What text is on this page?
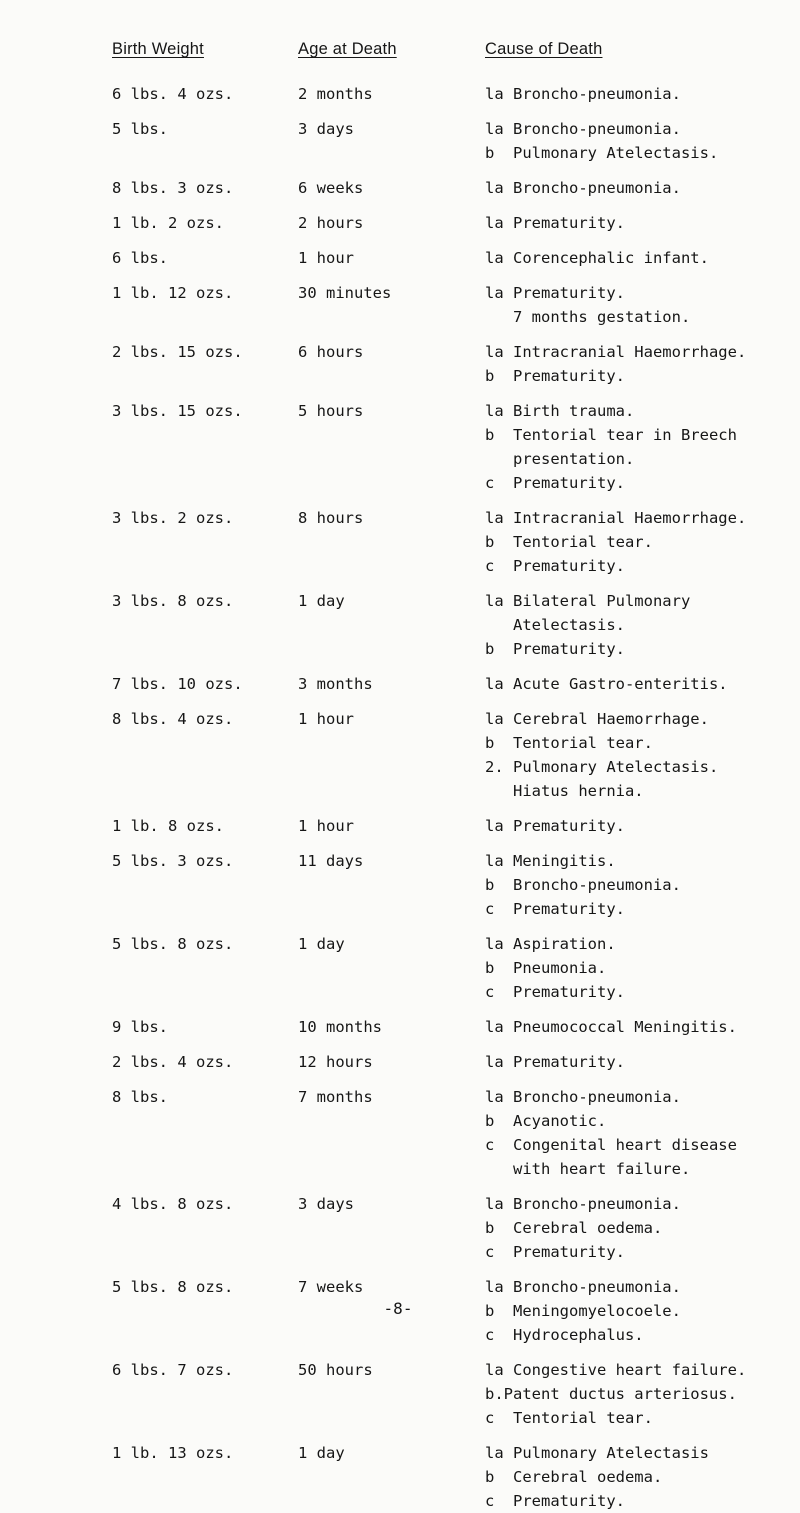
Birth Weight	Age at Death	Cause of Death
6 lbs. 4 ozs.	2 months	la Broncho-pneumonia.
5 lbs.	3 days	la Broncho-pneumonia.
b  Pulmonary Atelectasis.
8 lbs. 3 ozs.	6 weeks	la Broncho-pneumonia.
1 lb. 2 ozs.	2 hours	la Prematurity.
6 lbs.	1 hour	la Corencephalic infant.
1 lb. 12 ozs.	30 minutes	la Prematurity.
7 months gestation.
2 lbs. 15 ozs.	6 hours	la Intracranial Haemorrhage.
b  Prematurity.
3 lbs. 15 ozs.	5 hours	la Birth trauma.
b  Tentorial tear in Breech
presentation.
c  Prematurity.
3 lbs. 2 ozs.	8 hours	la Intracranial Haemorrhage.
b  Tentorial tear.
c  Prematurity.
3 lbs. 8 ozs.	1 day	la Bilateral Pulmonary
Atelectasis.
b  Prematurity.
7 lbs. 10 ozs.	3 months	la Acute Gastro-enteritis.
8 lbs. 4 ozs.	1 hour	la Cerebral Haemorrhage.
b  Tentorial tear.
2. Pulmonary Atelectasis.
Hiatus hernia.
1 lb. 8 ozs.	1 hour	la Prematurity.
5 lbs. 3 ozs.	11 days	la Meningitis.
b  Broncho-pneumonia.
c  Prematurity.
5 lbs. 8 ozs.	1 day	la Aspiration.
b  Pneumonia.
c  Prematurity.
9 lbs.	10 months	la Pneumococcal Meningitis.
2 lbs. 4 ozs.	12 hours	la Prematurity.
8 lbs.	7 months	la Broncho-pneumonia.
b  Acyanotic.
c  Congenital heart disease
with heart failure.
4 lbs. 8 ozs.	3 days	la Broncho-pneumonia.
b  Cerebral oedema.
c  Prematurity.
5 lbs. 8 ozs.	7 weeks	la Broncho-pneumonia.
b  Meningomyelocoele.
c  Hydrocephalus.
6 lbs. 7 ozs.	50 hours	la Congestive heart failure.
b.Patent ductus arteriosus.
c  Tentorial tear.
1 lb. 13 ozs.	1 day	la Pulmonary Atelectasis
b  Cerebral oedema.
c  Prematurity.
-8-
